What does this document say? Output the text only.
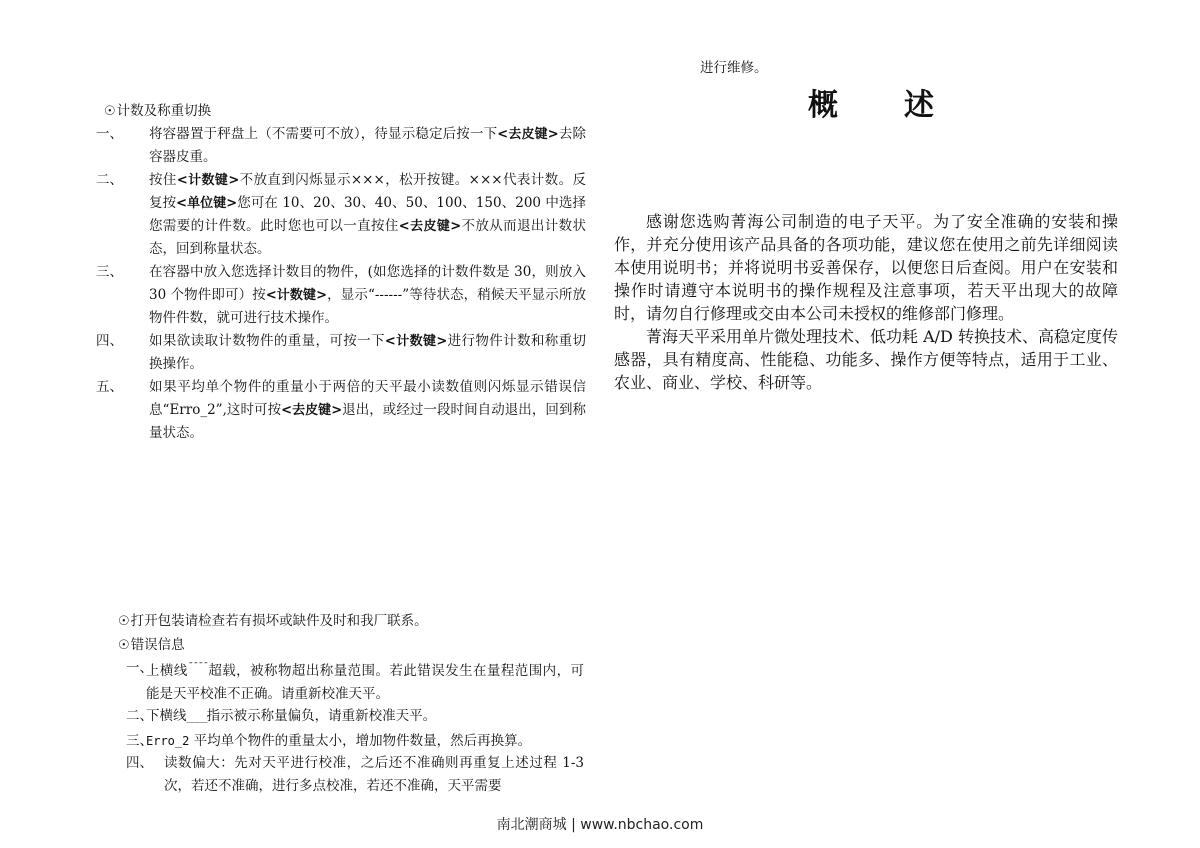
☉计数及称重切换
一、 将容器置于秤盘上（不需要可不放），待显示稳定后按一下<去皮键>去除容器皮重。
二、 按住<计数键>不放直到闪烁显示×××，松开按键。×××代表计数。反复按<单位键>您可在 10、20、30、40、50、100、150、200 中选择您需要的计件数。此时您也可以一直按住<去皮键>不放从而退出计数状态，回到称量状态。
三、 在容器中放入您选择计数目的物件，(如您选择的计数件数是 30，则放入 30 个物件即可）按<计数键>，显示“------”等待状态，稍候天平显示所放物件件数，就可进行技术操作。
四、 如果欲读取计数物件的重量，可按一下<计数键>进行物件计数和称重切换操作。
五、 如果平均单个物件的重量小于两倍的天平最小读数值则闪烁显示错误信息“Erro_2”,这时可按<去皮键>退出，或经过一段时间自动退出，回到称量状态。
☉打开包装请检查若有损坏或缺件及时和我厂联系。
☉错误信息
一、
上横线¯¯¯¯超载，被称物超出称量范围。若此错误发生在量程范围内，可能是天平校准不正确。请重新校准天平。
二、
下横线____指示被示称量偏负，请重新校准天平。
三、
Erro_2 平均单个物件的重量太小，增加物件数量，然后再换算。
四、 读数偏大：先对天平进行校准，之后还不准确则再重复上述过程 1-3 次，若还不准确，进行多点校准，若还不准确，天平需要
进行维修。
概 述

感谢您选购菁海公司制造的电子天平。为了安全准确的安装和操作，并充分使用该产品具备的各项功能，建议您在使用之前先详细阅读本使用说明书；并将说明书妥善保存，以便您日后查阅。用户在安装和操作时请遵守本说明书的操作规程及注意事项，若天平出现大的故障时，请勿自行修理或交由本公司未授权的维修部门修理。

菁海天平采用单片微处理技术、低功耗 A/D 转换技术、高稳定度传感器，具有精度高、性能稳、功能多、操作方便等特点，适用于工业、农业、商业、学校、科研等。

南北潮商城 | www.nbchao.com
